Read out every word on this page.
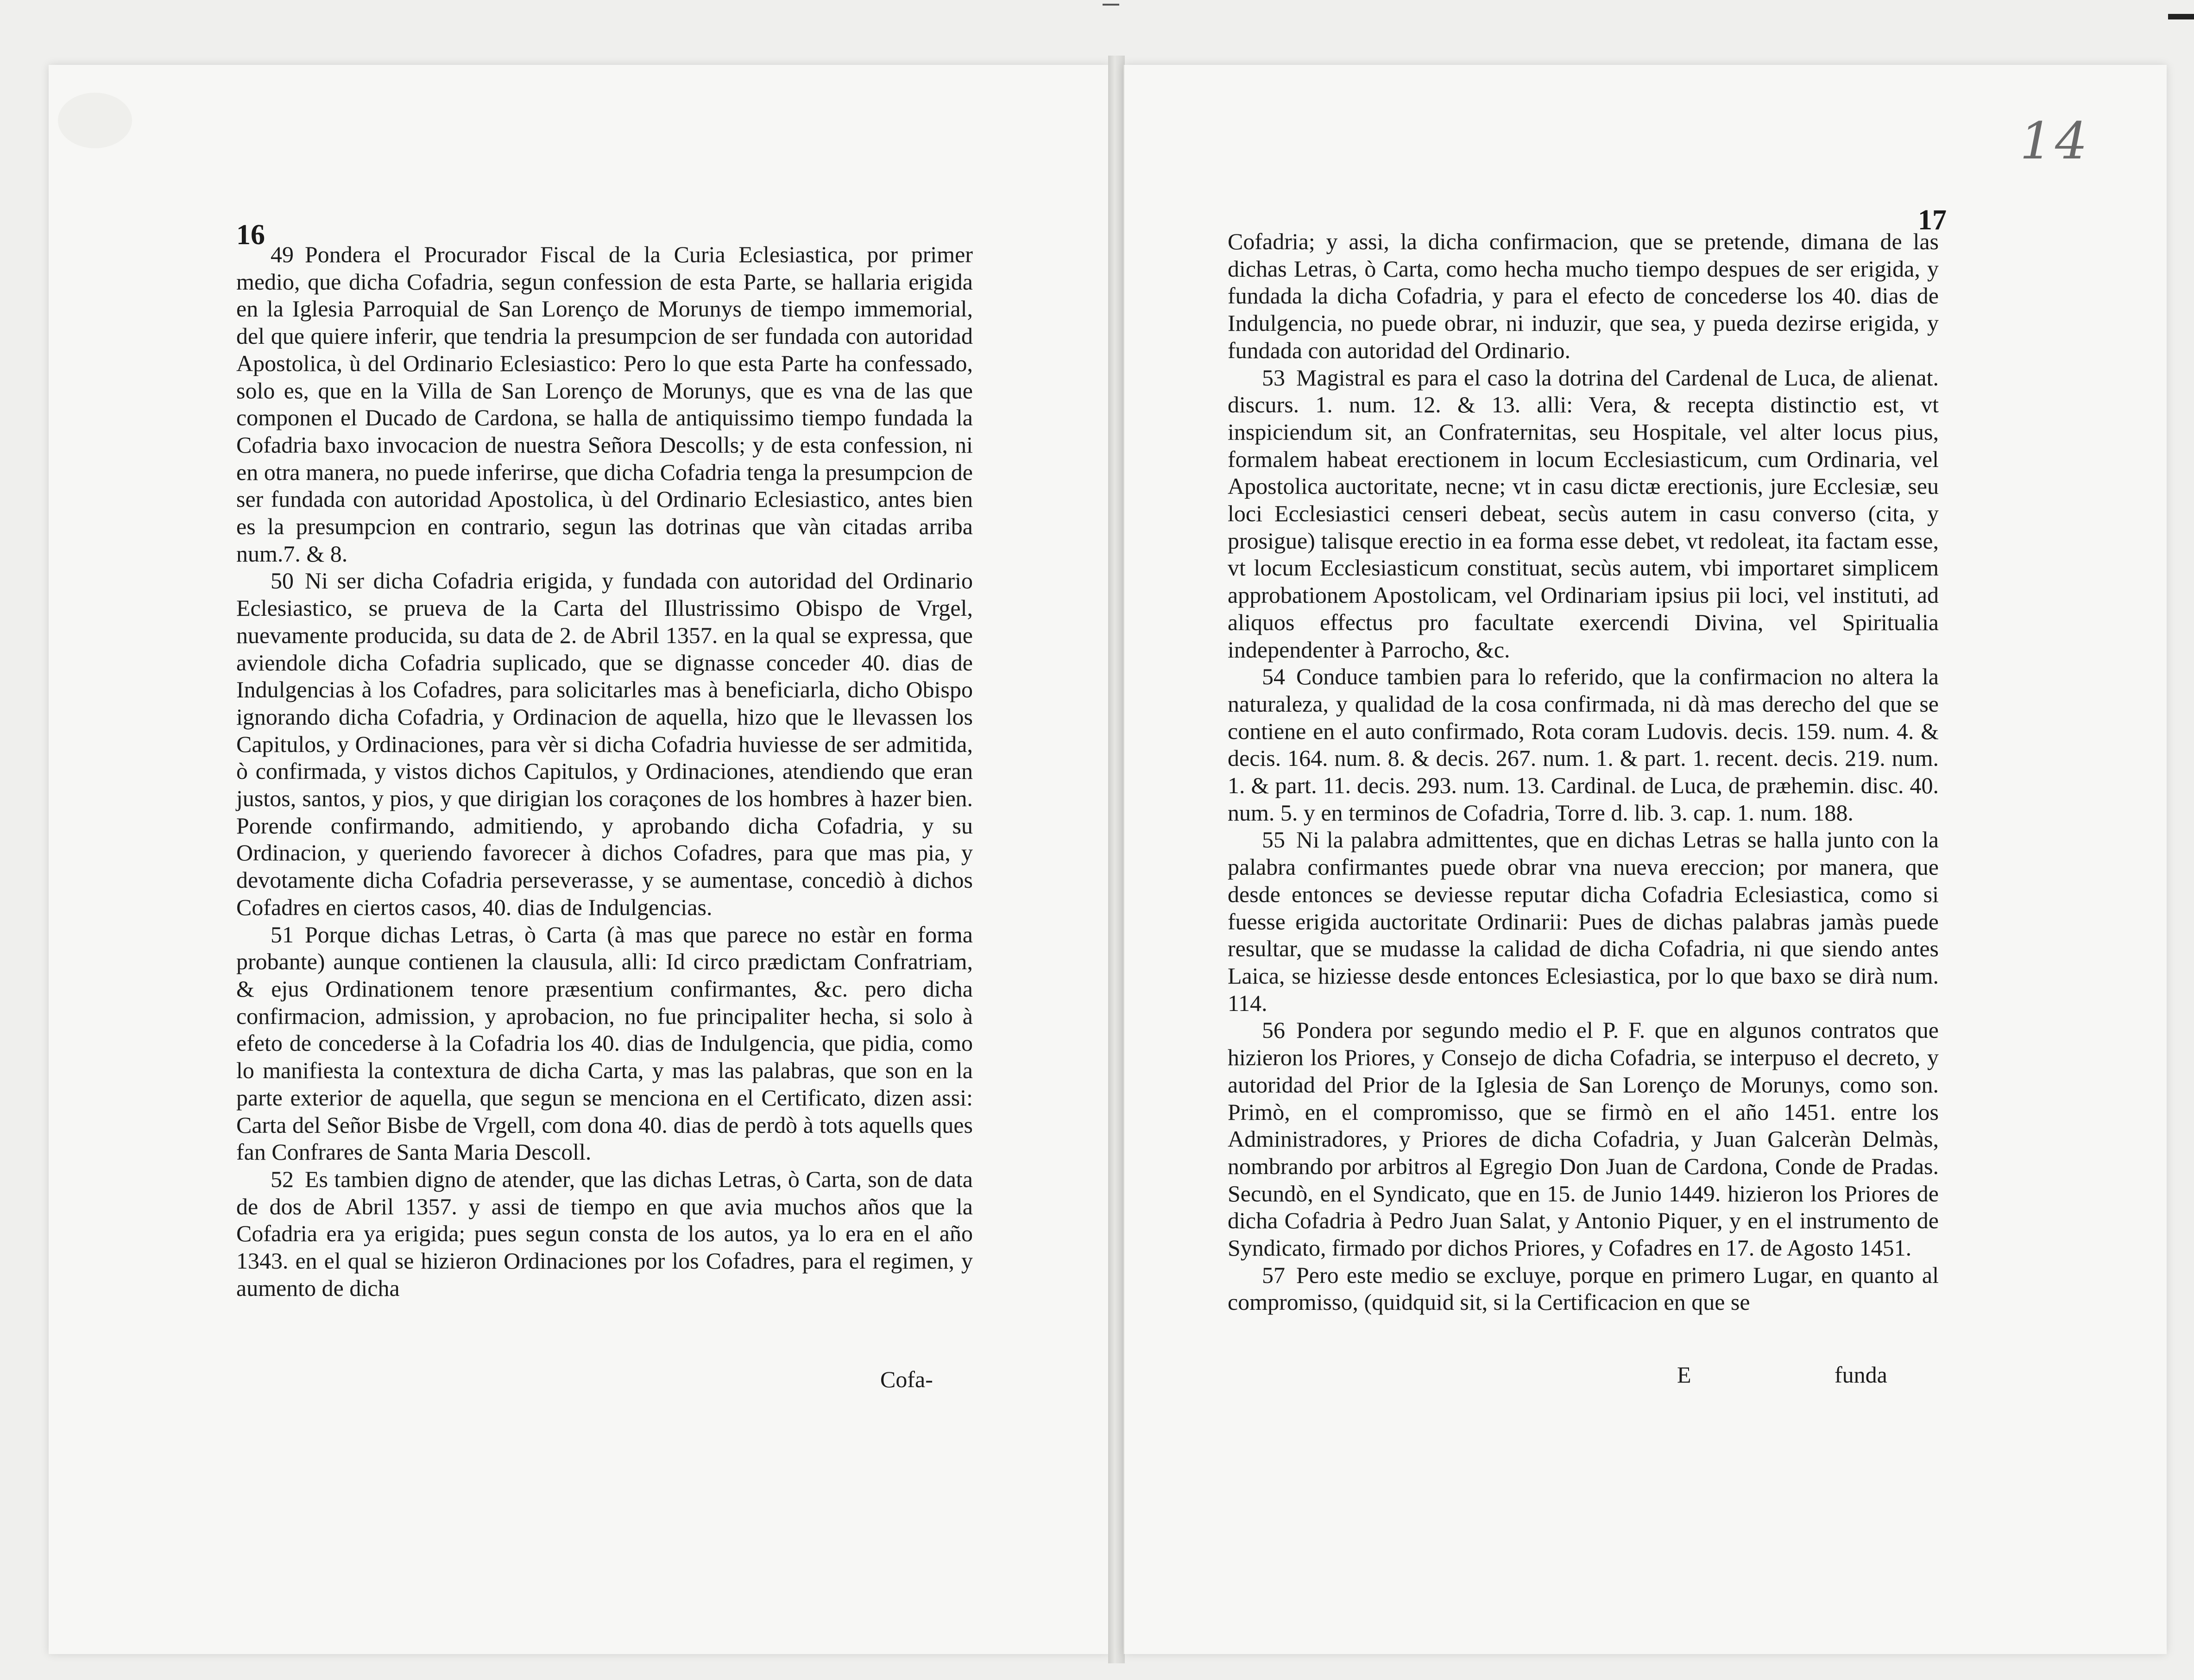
16

49 Pondera el Procurador Fiscal de la Curia Eclesiastica, por primer medio, que dicha Cofadria, segun confession de esta Parte, se hallaria erigida en la Iglesia Parroquial de San Lorenço de Morunys de tiempo immemorial, del que quiere inferir, que tendria la presumpcion de ser fundada con autoridad Apostolica, ù del Ordinario Eclesiastico: Pero lo que esta Parte ha confessado, solo es, que en la Villa de San Lorenço de Morunys, que es vna de las que componen el Ducado de Cardona, se halla de antiquissimo tiempo fundada la Cofadria baxo invocacion de nuestra Señora Descolls; y de esta confession, ni en otra manera, no puede inferirse, que dicha Cofadria tenga la presumpcion de ser fundada con autoridad Apostolica, ù del Ordinario Eclesiastico, antes bien es la presumpcion en contrario, segun las dotrinas que vàn citadas arriba num.7. & 8.

50 Ni ser dicha Cofadria erigida, y fundada con autoridad del Ordinario Eclesiastico, se prueva de la Carta del Illustrissimo Obispo de Vrgel, nuevamente producida, su data de 2. de Abril 1357. en la qual se expressa, que aviendole dicha Cofadria suplicado, que se dignasse conceder 40. dias de Indulgencias à los Cofadres, para solicitarles mas à beneficiarla, dicho Obispo ignorando dicha Cofadria, y Ordinacion de aquella, hizo que le llevassen los Capitulos, y Ordinaciones, para vèr si dicha Cofadria huviesse de ser admitida, ò confirmada, y vistos dichos Capitulos, y Ordinaciones, atendiendo que eran justos, santos, y pios, y que dirigian los coraçones de los hombres à hazer bien. Porende confirmando, admitiendo, y aprobando dicha Cofadria, y su Ordinacion, y queriendo favorecer à dichos Cofadres, para que mas pia, y devotamente dicha Cofadria perseverasse, y se aumentase, concediò à dichos Cofadres en ciertos casos, 40. dias de Indulgencias.

51 Porque dichas Letras, ò Carta (à mas que parece no estàr en forma probante) aunque contienen la clausula, alli: Id circo prædictam Confratriam, & ejus Ordinationem tenore præsentium confirmantes, &c. pero dicha confirmacion, admission, y aprobacion, no fue principaliter hecha, si solo à efeto de concederse à la Cofadria los 40. dias de Indulgencia, que pidia, como lo manifiesta la contextura de dicha Carta, y mas las palabras, que son en la parte exterior de aquella, que segun se menciona en el Certificato, dizen assi: Carta del Señor Bisbe de Vrgell, com dona 40. dias de perdò à tots aquells ques fan Confrares de Santa Maria Descoll.

52 Es tambien digno de atender, que las dichas Letras, ò Carta, son de data de dos de Abril 1357. y assi de tiempo en que avia muchos años que la Cofadria era ya erigida; pues segun consta de los autos, ya lo era en el año 1343. en el qual se hizieron Ordinaciones por los Cofadres, para el regimen, y aumento de dicha

Cofa-
14
17

Cofadria; y assi, la dicha confirmacion, que se pretende, dimana de las dichas Letras, ò Carta, como hecha mucho tiempo despues de ser erigida, y fundada la dicha Cofadria, y para el efecto de concederse los 40. dias de Indulgencia, no puede obrar, ni induzir, que sea, y pueda dezirse erigida, y fundada con autoridad del Ordinario.

53 Magistral es para el caso la dotrina del Cardenal de Luca, de alienat. discurs. 1. num. 12. & 13. alli: Vera, & recepta distinctio est, vt inspiciendum sit, an Confraternitas, seu Hospitale, vel alter locus pius, formalem habeat erectionem in locum Ecclesiasticum, cum Ordinaria, vel Apostolica auctoritate, necne; vt in casu dictæ erectionis, jure Ecclesiæ, seu loci Ecclesiastici censeri debeat, secùs autem in casu converso (cita, y prosigue) talisque erectio in ea forma esse debet, vt redoleat, ita factam esse, vt locum Ecclesiasticum constituat, secùs autem, vbi importaret simplicem approbationem Apostolicam, vel Ordinariam ipsius pii loci, vel instituti, ad aliquos effectus pro facultate exercendi Divina, vel Spiritualia independenter à Parrocho, &c.

54 Conduce tambien para lo referido, que la confirmacion no altera la naturaleza, y qualidad de la cosa confirmada, ni dà mas derecho del que se contiene en el auto confirmado, Rota coram Ludovis. decis. 159. num. 4. & decis. 164. num. 8. & decis. 267. num. 1. & part. 1. recent. decis. 219. num. 1. & part. 11. decis. 293. num. 13. Cardinal. de Luca, de præhemin. disc. 40. num. 5. y en terminos de Cofadria, Torre d. lib. 3. cap. 1. num. 188.

55 Ni la palabra admittentes, que en dichas Letras se halla junto con la palabra confirmantes puede obrar vna nueva ereccion; por manera, que desde entonces se deviesse reputar dicha Cofadria Eclesiastica, como si fuesse erigida auctoritate Ordinarii: Pues de dichas palabras jamàs puede resultar, que se mudasse la calidad de dicha Cofadria, ni que siendo antes Laica, se hiziesse desde entonces Eclesiastica, por lo que baxo se dirà num. 114.

56 Pondera por segundo medio el P. F. que en algunos contratos que hizieron los Priores, y Consejo de dicha Cofadria, se interpuso el decreto, y autoridad del Prior de la Iglesia de San Lorenço de Morunys, como son. Primò, en el compromisso, que se firmò en el año 1451. entre los Administradores, y Priores de dicha Cofadria, y Juan Galceràn Delmàs, nombrando por arbitros al Egregio Don Juan de Cardona, Conde de Pradas. Secundò, en el Syndicato, que en 15. de Junio 1449. hizieron los Priores de dicha Cofadria à Pedro Juan Salat, y Antonio Piquer, y en el instrumento de Syndicato, firmado por dichos Priores, y Cofadres en 17. de Agosto 1451.

57 Pero este medio se excluye, porque en primero Lugar, en quanto al compromisso, (quidquid sit, si la Certificacion en que se

E	funda
